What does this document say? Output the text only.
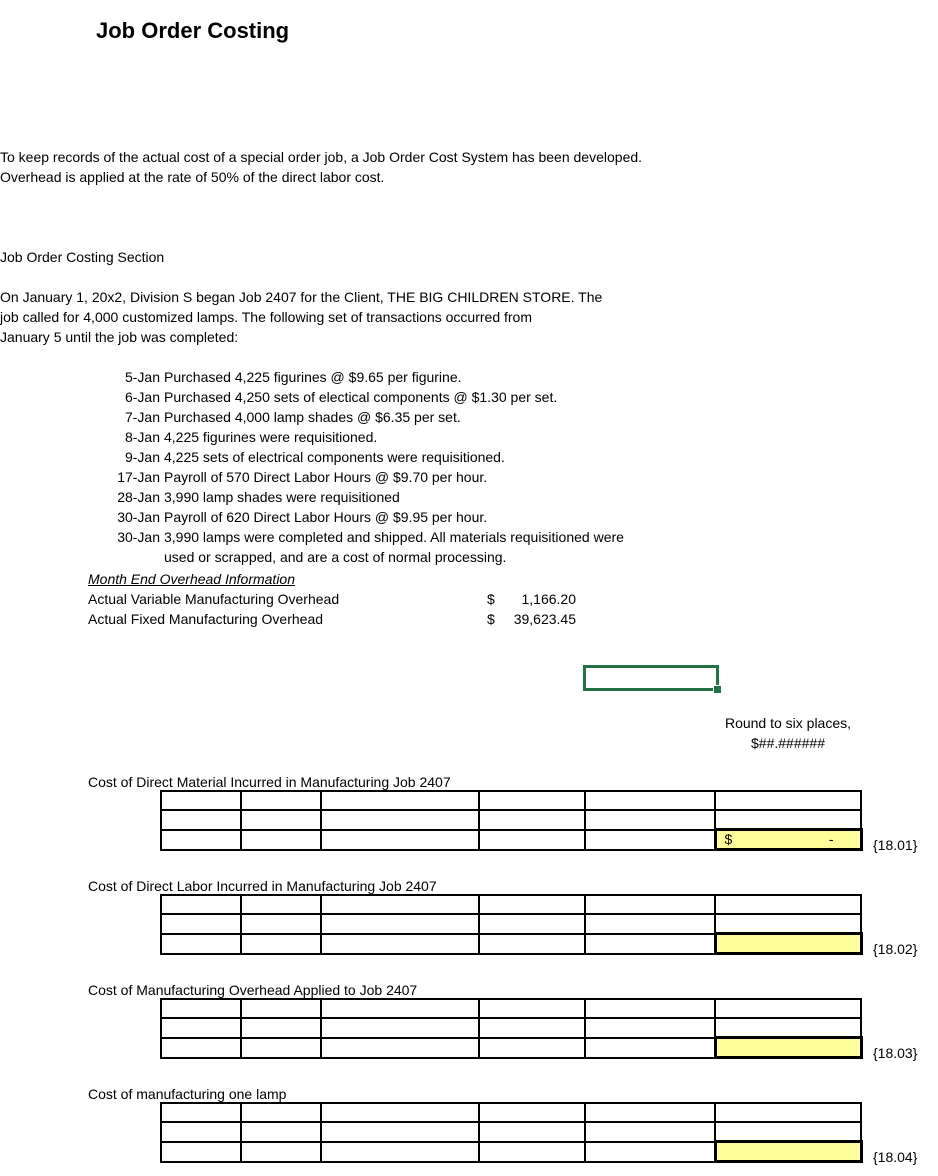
Job Order Costing
To keep records of the actual cost of a special order job, a Job Order Cost System has been developed.
Overhead is applied at the rate of 50% of the direct labor cost.
Job Order Costing Section
On January 1, 20x2, Division S began Job 2407 for the Client, THE BIG CHILDREN STORE. The
job called for 4,000 customized lamps. The following set of transactions occurred from
January 5 until the job was completed:
5-Jan Purchased 4,225 figurines @ $9.65 per figurine.
6-Jan Purchased 4,250 sets of electical components @ $1.30 per set.
7-Jan Purchased 4,000 lamp shades @ $6.35 per set.
8-Jan 4,225 figurines were requisitioned.
9-Jan 4,225 sets of electrical components were requisitioned.
17-Jan Payroll of 570 Direct Labor Hours @ $9.70 per hour.
28-Jan 3,990 lamp shades were requisitioned
30-Jan Payroll of 620 Direct Labor Hours @ $9.95 per hour.
30-Jan 3,990 lamps were completed and shipped. All materials requisitioned were
used or scrapped, and are a cost of normal processing.
Month End Overhead Information
Actual Variable Manufacturing Overhead	$	1,166.20
Actual Fixed Manufacturing Overhead	$	39,623.45
Round to six places,
$##.######
Cost of Direct Material Incurred in Manufacturing Job 2407

					$ -	{18.01}
Cost of Direct Labor Incurred in Manufacturing Job 2407

{18.02}
Cost of Manufacturing Overhead Applied to Job 2407

{18.03}
Cost of manufacturing one lamp

{18.04}
